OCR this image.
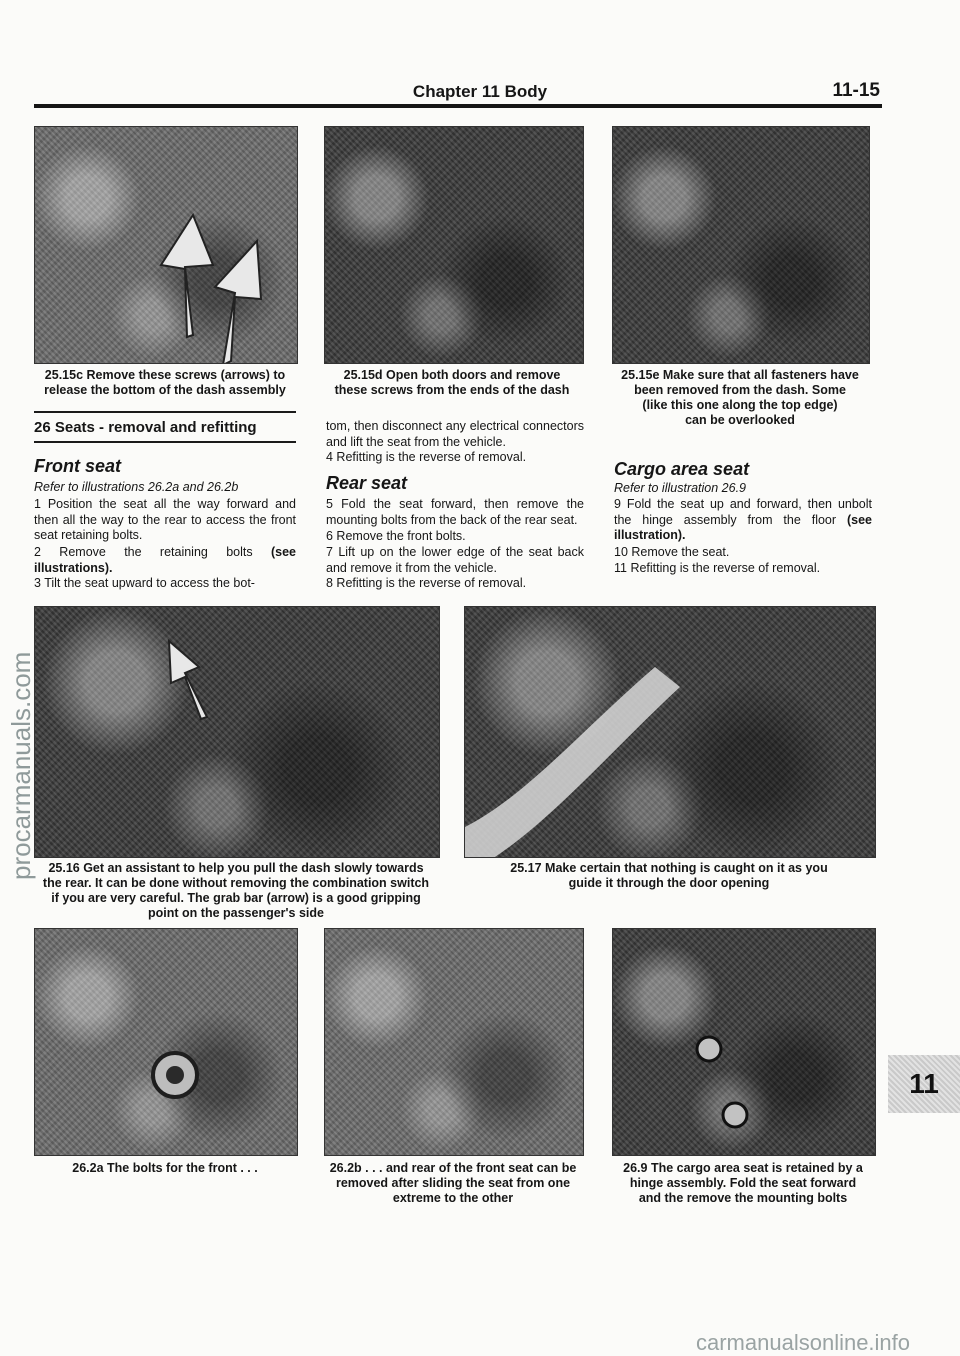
Chapter 11 Body	11-15
25.15c Remove these screws (arrows) to
release the bottom of the dash assembly
25.15d Open both doors and remove
these screws from the ends of the dash
25.15e Make sure that all fasteners have
been removed from the dash. Some
(like this one along the top edge)
can be overlooked
26 Seats - removal and refitting
Front seat
Refer to illustrations 26.2a and 26.2b
1 Position the seat all the way forward and then all the way to the rear to access the front seat retaining bolts.
2 Remove the retaining bolts (see illustrations).
3 Tilt the seat upward to access the bot-
tom, then disconnect any electrical connectors and lift the seat from the vehicle.
4 Refitting is the reverse of removal.
Rear seat
5 Fold the seat forward, then remove the mounting bolts from the back of the rear seat.
6 Remove the front bolts.
7 Lift up on the lower edge of the seat back and remove it from the vehicle.
8 Refitting is the reverse of removal.
Cargo area seat
Refer to illustration 26.9
9 Fold the seat up and forward, then unbolt the hinge assembly from the floor (see illustration).
10 Remove the seat.
11 Refitting is the reverse of removal.
25.16 Get an assistant to help you pull the dash slowly towards
the rear. It can be done without removing the combination switch
if you are very careful. The grab bar (arrow) is a good gripping
point on the passenger's side
25.17 Make certain that nothing is caught on it as you
guide it through the door opening
26.2a The bolts for the front . . .	26.2b . . . and rear of the front seat can be
removed after sliding the seat from one
extreme to the other
26.9 The cargo area seat is retained by a
hinge assembly. Fold the seat forward
and the remove the mounting bolts
11
procarmanuals.com
carmanualsonline.info
